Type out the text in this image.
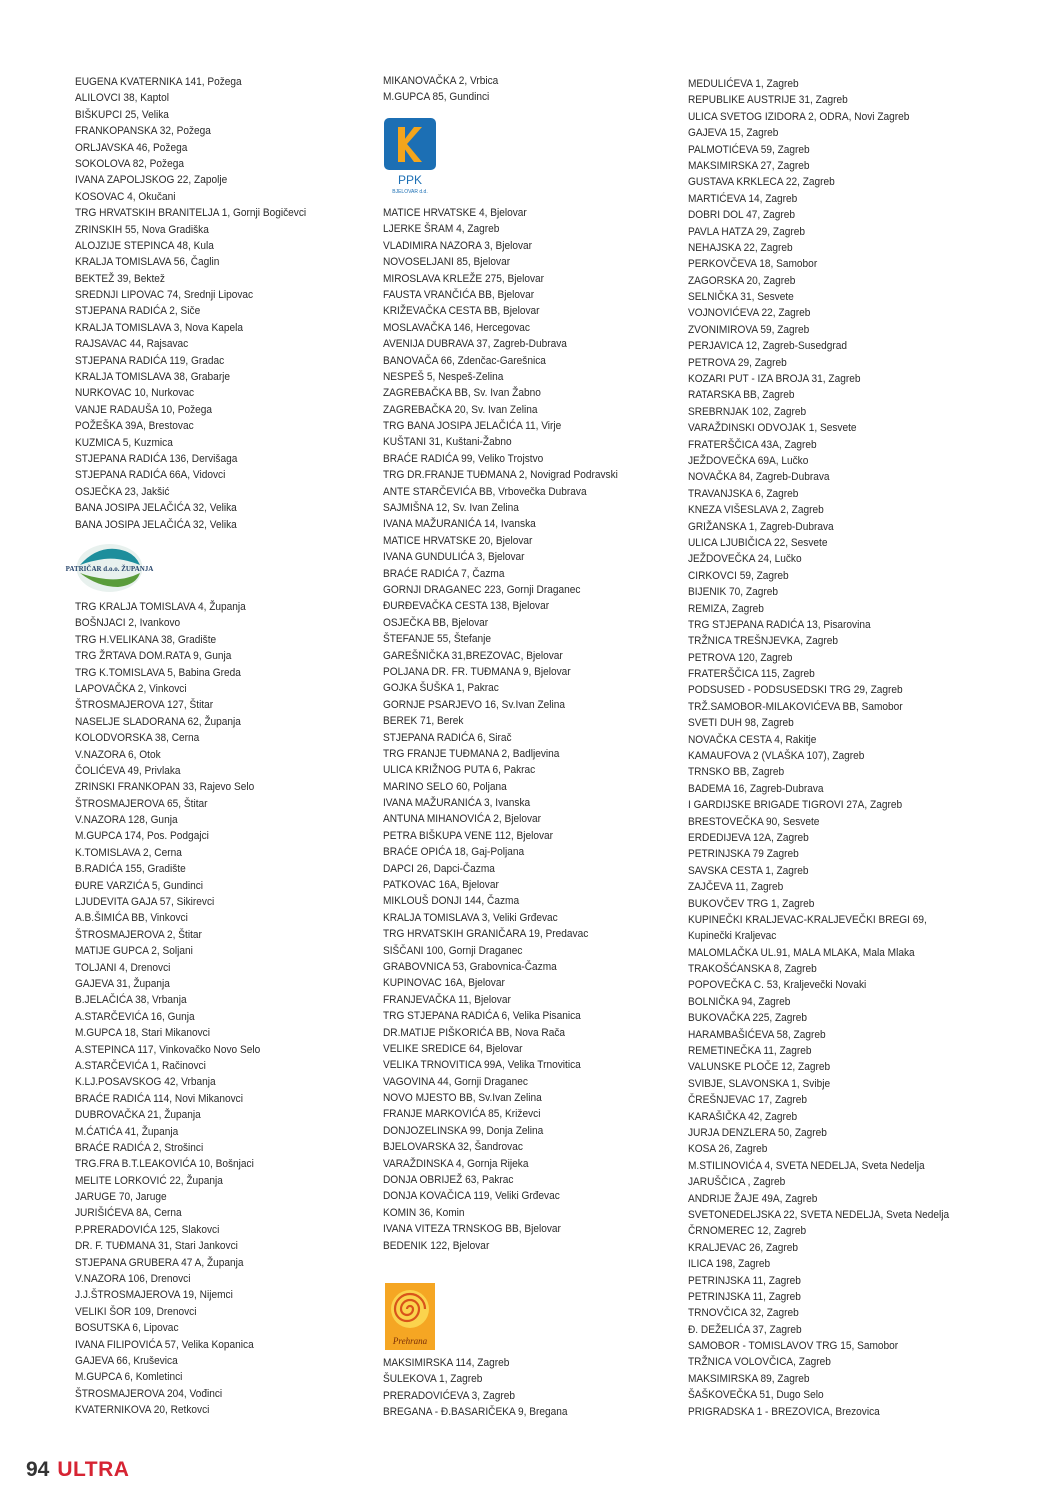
EUGENA KVATERNIKA 141, Požega
ALILOVCI 38, Kaptol
BIŠKUPCI 25, Velika
FRANKOPANSKA 32, Požega
ORLJAVSKA 46, Požega
SOKOLOVA 82, Požega
IVANA ZAPOLJSKOG 22, Zapolje
KOSOVAC 4, Okučani
TRG HRVATSKIH BRANITELJA 1, Gornji Bogičevci
ZRINSKIH 55, Nova Gradiška
ALOJZIJE STEPINCA 48, Kula
KRALJA TOMISLAVA 56, Čaglin
BEKTEŽ 39, Bektež
SREDNJI LIPOVAC 74, Srednji Lipovac
STJEPANA RADIĆA 2, Siče
KRALJA TOMISLAVA 3, Nova Kapela
RAJSAVAC 44, Rajsavac
STJEPANA RADIĆA 119, Gradac
KRALJA TOMISLAVA 38, Grabarje
NURKOVAC 10, Nurkovac
VANJE RADAUŠA 10, Požega
POŽEŠKA 39A, Brestovac
KUZMICA 5, Kuzmica
STJEPANA RADIĆA 136, Dervišaga
STJEPANA RADIĆA 66A, Vidovci
OSJEČKA 23, Jakšić
BANA JOSIPA JELAČIĆA 32, Velika
BANA JOSIPA JELAČIĆA 32, Velika
PATRIČAR d.o.o. ŽUPANJA
TRG KRALJA TOMISLAVA 4, Županja
BOŠNJACI 2, Ivankovo
TRG H.VELIKANA 38, Gradište
TRG ŽRTAVA DOM.RATA 9, Gunja
TRG K.TOMISLAVA 5, Babina Greda
LAPOVAČKA 2, Vinkovci
ŠTROSMAJEROVA 127, Štitar
NASELJE SLADORANA 62, Županja
KOLODVORSKA 38, Cerna
V.NAZORA 6, Otok
ČOLIĆEVA 49, Privlaka
ZRINSKI FRANKOPAN 33, Rajevo Selo
ŠTROSMAJEROVA 65, Štitar
V.NAZORA 128, Gunja
M.GUPCA 174, Pos. Podgajci
K.TOMISLAVA 2, Cerna
B.RADIĆA 155, Gradište
ĐURE VARZIĆA 5, Gundinci
LJUDEVITA GAJA 57, Sikirevci
A.B.ŠIMIĆA BB, Vinkovci
ŠTROSMAJEROVA 2, Štitar
MATIJE GUPCA 2, Soljani
TOLJANI 4, Drenovci
GAJEVA 31, Županja
B.JELAČIĆA 38, Vrbanja
A.STARČEVIĆA 16, Gunja
M.GUPCA 18, Stari Mikanovci
A.STEPINCA 117, Vinkovačko Novo Selo
A.STARČEVIĆA 1, Račinovci
K.LJ.POSAVSKOG 42, Vrbanja
BRAĆE RADIĆA 114, Novi Mikanovci
DUBROVAČKA 21, Županja
M.ĆATIĆA 41, Županja
BRAĆE RADIĆA 2, Strošinci
TRG.FRA B.T.LEAKOVIĆA 10, Bošnjaci
MELITE LORKOVIĆ 22, Županja
JARUGE 70, Jaruge
JURIŠIĆEVA 8A, Cerna
P.PRERADOVIĆA 125, Slakovci
DR. F. TUĐMANA 31, Stari Jankovci
STJEPANA GRUBERA 47 A, Županja
V.NAZORA 106, Drenovci
J.J.ŠTROSMAJEROVA 19, Nijemci
VELIKI ŠOR 109, Drenovci
BOSUTSKA 6, Lipovac
IVANA FILIPOVIĆA 57, Velika Kopanica
GAJEVA 66, Kruševica
M.GUPCA 6, Komletinci
ŠTROSMAJEROVA 204, Vođinci
KVATERNIKOVA 20, Retkovci
MIKANOVAČKA 2, Vrbica
M.GUPCA 85, Gundinci
PPK
BJELOVAR d.d.
MATICE HRVATSKE 4, Bjelovar
LJERKE ŠRAM 4, Zagreb
VLADIMIRA NAZORA 3, Bjelovar
NOVOSELJANI 85, Bjelovar
MIROSLAVA KRLEŽE 275, Bjelovar
FAUSTA VRANČIĆA BB, Bjelovar
KRIŽEVAČKA CESTA BB, Bjelovar
MOSLAVAČKA 146, Hercegovac
AVENIJA DUBRAVA 37, Zagreb-Dubrava
BANOVAČA 66, Zdenčac-Garešnica
NESPEŠ 5, Nespeš-Zelina
ZAGREBAČKA BB, Sv. Ivan Žabno
ZAGREBAČKA 20, Sv. Ivan Zelina
TRG BANA JOSIPA JELAČIĆA 11, Virje
KUŠTANI 31, Kuštani-Žabno
BRAĆE RADIĆA 99, Veliko Trojstvo
TRG DR.FRANJE TUĐMANA 2, Novigrad Podravski
ANTE STARČEVIĆA BB, Vrbovečka Dubrava
SAJMIŠNA 12, Sv. Ivan Zelina
IVANA MAŽURANIĆA 14, Ivanska
MATICE HRVATSKE 20, Bjelovar
IVANA GUNDULIĆA 3, Bjelovar
BRAĆE RADIĆA 7, Čazma
GORNJI DRAGANEC 223, Gornji Draganec
ĐURĐEVAČKA CESTA 138, Bjelovar
OSJEČKA BB, Bjelovar
ŠTEFANJE 55, Štefanje
GAREŠNIČKA 31,BREZOVAC, Bjelovar
POLJANA DR. FR. TUĐMANA 9, Bjelovar
GOJKA ŠUŠKA 1, Pakrac
GORNJE PSARJEVO 16, Sv.Ivan Zelina
BEREK 71, Berek
STJEPANA RADIĆA 6, Sirač
TRG FRANJE TUĐMANA 2, Badljevina
ULICA KRIŽNOG PUTA 6, Pakrac
MARINO SELO 60, Poljana
IVANA MAŽURANIĆA 3, Ivanska
ANTUNA MIHANOVIĆA 2, Bjelovar
PETRA BIŠKUPA VENE 112, Bjelovar
BRAĆE OPIĆA 18, Gaj-Poljana
DAPCI 26, Dapci-Čazma
PATKOVAC 16A, Bjelovar
MIKLOUŠ DONJI 144, Čazma
KRALJA TOMISLAVA 3, Veliki Grđevac
TRG HRVATSKIH GRANIČARA 19, Predavac
SIŠČANI 100, Gornji Draganec
GRABOVNICA 53, Grabovnica-Čazma
KUPINOVAC 16A, Bjelovar
FRANJEVAČKA 11, Bjelovar
TRG STJEPANA RADIĆA 6, Velika Pisanica
DR.MATIJE PIŠKORIĆA BB, Nova Rača
VELIKE SREDICE 64, Bjelovar
VELIKA TRNOVITICA 99A, Velika Trnovitica
VAGOVINA 44, Gornji Draganec
NOVO MJESTO BB, Sv.Ivan Zelina
FRANJE MARKOVIĆA 85, Križevci
DONJOZELINSKA 99, Donja Zelina
BJELOVARSKA 32, Šandrovac
VARAŽDINSKA 4, Gornja Rijeka
DONJA OBRIJEŽ 63, Pakrac
DONJA KOVAČICA 119, Veliki Grđevac
KOMIN 36, Komin
IVANA VITEZA TRNSKOG BB, Bjelovar
BEDENIK 122, Bjelovar
Prehrana
MAKSIMIRSKA 114, Zagreb
ŠULEKOVA 1, Zagreb
PRERADOVIĆEVA 3, Zagreb
BREGANA - Đ.BASARIČEKA 9, Bregana
MEDULIĆEVA 1, Zagreb
REPUBLIKE AUSTRIJE 31, Zagreb
ULICA SVETOG IZIDORA 2, ODRA, Novi Zagreb
GAJEVA 15, Zagreb
PALMOTIĆEVA 59, Zagreb
MAKSIMIRSKA 27, Zagreb
GUSTAVA KRKLECA 22, Zagreb
MARTIĆEVA 14, Zagreb
DOBRI DOL 47, Zagreb
PAVLA HATZA 29, Zagreb
NEHAJSKA 22, Zagreb
PERKOVČEVA 18, Samobor
ZAGORSKA 20, Zagreb
SELNIČKA 31, Sesvete
VOJNOVIĆEVA 22, Zagreb
ZVONIMIROVA 59, Zagreb
PERJAVICA 12, Zagreb-Susedgrad
PETROVA 29, Zagreb
KOZARI PUT - IZA BROJA 31, Zagreb
RATARSKA BB, Zagreb
SREBRNJAK 102, Zagreb
VARAŽDINSKI ODVOJAK 1, Sesvete
FRATERŠČICA 43A, Zagreb
JEŽDOVEČKA 69A, Lučko
NOVAČKA 84, Zagreb-Dubrava
TRAVANJSKA 6, Zagreb
KNEZA VIŠESLAVA 2, Zagreb
GRIŽANSKA 1, Zagreb-Dubrava
ULICA LJUBIČICA 22, Sesvete
JEŽDOVEČKA 24, Lučko
CIRKOVCI 59, Zagreb
BIJENIK 70, Zagreb
REMIZA, Zagreb
TRG STJEPANA RADIĆA 13, Pisarovina
TRŽNICA TREŠNJEVKA, Zagreb
PETROVA 120, Zagreb
FRATERŠČICA 115, Zagreb
PODSUSED - PODSUSEDSKI TRG 29, Zagreb
TRŽ.SAMOBOR-MILAKOVIĆEVA BB, Samobor
SVETI DUH 98, Zagreb
NOVAČKA CESTA 4, Rakitje
KAMAUFOVA 2 (VLAŠKA 107), Zagreb
TRNSKO BB, Zagreb
BADEMA 16, Zagreb-Dubrava
I GARDIJSKE BRIGADE TIGROVI 27A, Zagreb
BRESTOVEČKA 90, Sesvete
ERDEDIJEVA 12A, Zagreb
PETRINJSKA 79 Zagreb
SAVSKA CESTA 1, Zagreb
ZAJČEVA 11, Zagreb
BUKOVČEV TRG 1, Zagreb
KUPINEČKI KRALJEVAC-KRALJEVEČKI BREGI 69,
Kupinečki Kraljevac
MALOMLAČKA UL.91, MALA MLAKA, Mala Mlaka
TRAKOŠĆANSKA 8, Zagreb
POPOVEČKA C. 53, Kraljevečki Novaki
BOLNIČKA 94, Zagreb
BUKOVAČKA 225, Zagreb
HARAMBAŠIĆEVA 58, Zagreb
REMETINEČKA 11, Zagreb
VALUNSKE PLOČE 12, Zagreb
SVIBJE, SLAVONSKA 1, Svibje
ČREŠNJEVAC 17, Zagreb
KARAŠIČKA 42, Zagreb
JURJA DENZLERA 50, Zagreb
KOSA 26, Zagreb
M.STILINOVIĆA 4, SVETA NEDELJA, Sveta Nedelja
JARUŠČICA , Zagreb
ANDRIJE ŽAJE 49A, Zagreb
SVETONEDELJSKA 22, SVETA NEDELJA, Sveta Nedelja
ČRNOMEREC 12, Zagreb
KRALJEVAC 26, Zagreb
ILICA 198, Zagreb
PETRINJSKA 11, Zagreb
PETRINJSKA 11, Zagreb
TRNOVČICA 32, Zagreb
Đ. DEŽELIĆA 37, Zagreb
SAMOBOR - TOMISLAVOV TRG 15, Samobor
TRŽNICA VOLOVČICA, Zagreb
MAKSIMIRSKA 89, Zagreb
ŠAŠKOVEČKA 51, Dugo Selo
PRIGRADSKA 1 - BREZOVICA, Brezovica
94 ULTRA
